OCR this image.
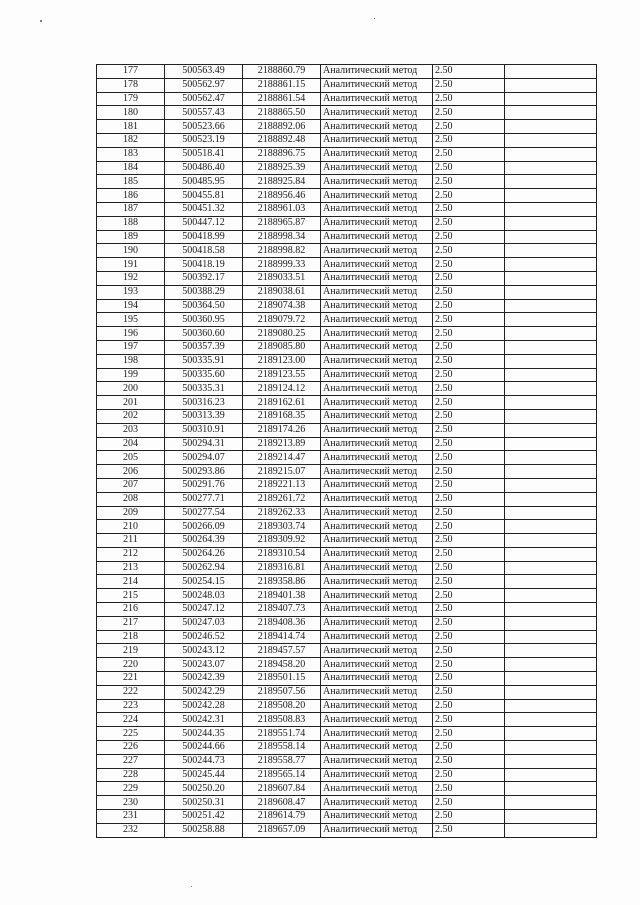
177	500563.49	2188860.79	Аналитический метод	2.50	
178	500562.97	2188861.15	Аналитический метод	2.50	
179	500562.47	2188861.54	Аналитический метод	2.50	
180	500557.43	2188865.50	Аналитический метод	2.50	
181	500523.66	2188892.06	Аналитический метод	2.50	
182	500523.19	2188892.48	Аналитический метод	2.50	
183	500518.41	2188896.75	Аналитический метод	2.50	
184	500486.40	2188925.39	Аналитический метод	2.50	
185	500485.95	2188925.84	Аналитический метод	2.50	
186	500455.81	2188956.46	Аналитический метод	2.50	
187	500451.32	2188961.03	Аналитический метод	2.50	
188	500447.12	2188965.87	Аналитический метод	2.50	
189	500418.99	2188998.34	Аналитический метод	2.50	
190	500418.58	2188998.82	Аналитический метод	2.50	
191	500418.19	2188999.33	Аналитический метод	2.50	
192	500392.17	2189033.51	Аналитический метод	2.50	
193	500388.29	2189038.61	Аналитический метод	2.50	
194	500364.50	2189074.38	Аналитический метод	2.50	
195	500360.95	2189079.72	Аналитический метод	2.50	
196	500360.60	2189080.25	Аналитический метод	2.50	
197	500357.39	2189085.80	Аналитический метод	2.50	
198	500335.91	2189123.00	Аналитический метод	2.50	
199	500335.60	2189123.55	Аналитический метод	2.50	
200	500335.31	2189124.12	Аналитический метод	2.50	
201	500316.23	2189162.61	Аналитический метод	2.50	
202	500313.39	2189168.35	Аналитический метод	2.50	
203	500310.91	2189174.26	Аналитический метод	2.50	
204	500294.31	2189213.89	Аналитический метод	2.50	
205	500294.07	2189214.47	Аналитический метод	2.50	
206	500293.86	2189215.07	Аналитический метод	2.50	
207	500291.76	2189221.13	Аналитический метод	2.50	
208	500277.71	2189261.72	Аналитический метод	2.50	
209	500277.54	2189262.33	Аналитический метод	2.50	
210	500266.09	2189303.74	Аналитический метод	2.50	
211	500264.39	2189309.92	Аналитический метод	2.50	
212	500264.26	2189310.54	Аналитический метод	2.50	
213	500262.94	2189316.81	Аналитический метод	2.50	
214	500254.15	2189358.86	Аналитический метод	2.50	
215	500248.03	2189401.38	Аналитический метод	2.50	
216	500247.12	2189407.73	Аналитический метод	2.50	
217	500247.03	2189408.36	Аналитический метод	2.50	
218	500246.52	2189414.74	Аналитический метод	2.50	
219	500243.12	2189457.57	Аналитический метод	2.50	
220	500243.07	2189458.20	Аналитический метод	2.50	
221	500242.39	2189501.15	Аналитический метод	2.50	
222	500242.29	2189507.56	Аналитический метод	2.50	
223	500242.28	2189508.20	Аналитический метод	2.50	
224	500242.31	2189508.83	Аналитический метод	2.50	
225	500244.35	2189551.74	Аналитический метод	2.50	
226	500244.66	2189558.14	Аналитический метод	2.50	
227	500244.73	2189558.77	Аналитический метод	2.50	
228	500245.44	2189565.14	Аналитический метод	2.50	
229	500250.20	2189607.84	Аналитический метод	2.50	
230	500250.31	2189608.47	Аналитический метод	2.50	
231	500251.42	2189614.79	Аналитический метод	2.50	
232	500258.88	2189657.09	Аналитический метод	2.50	
